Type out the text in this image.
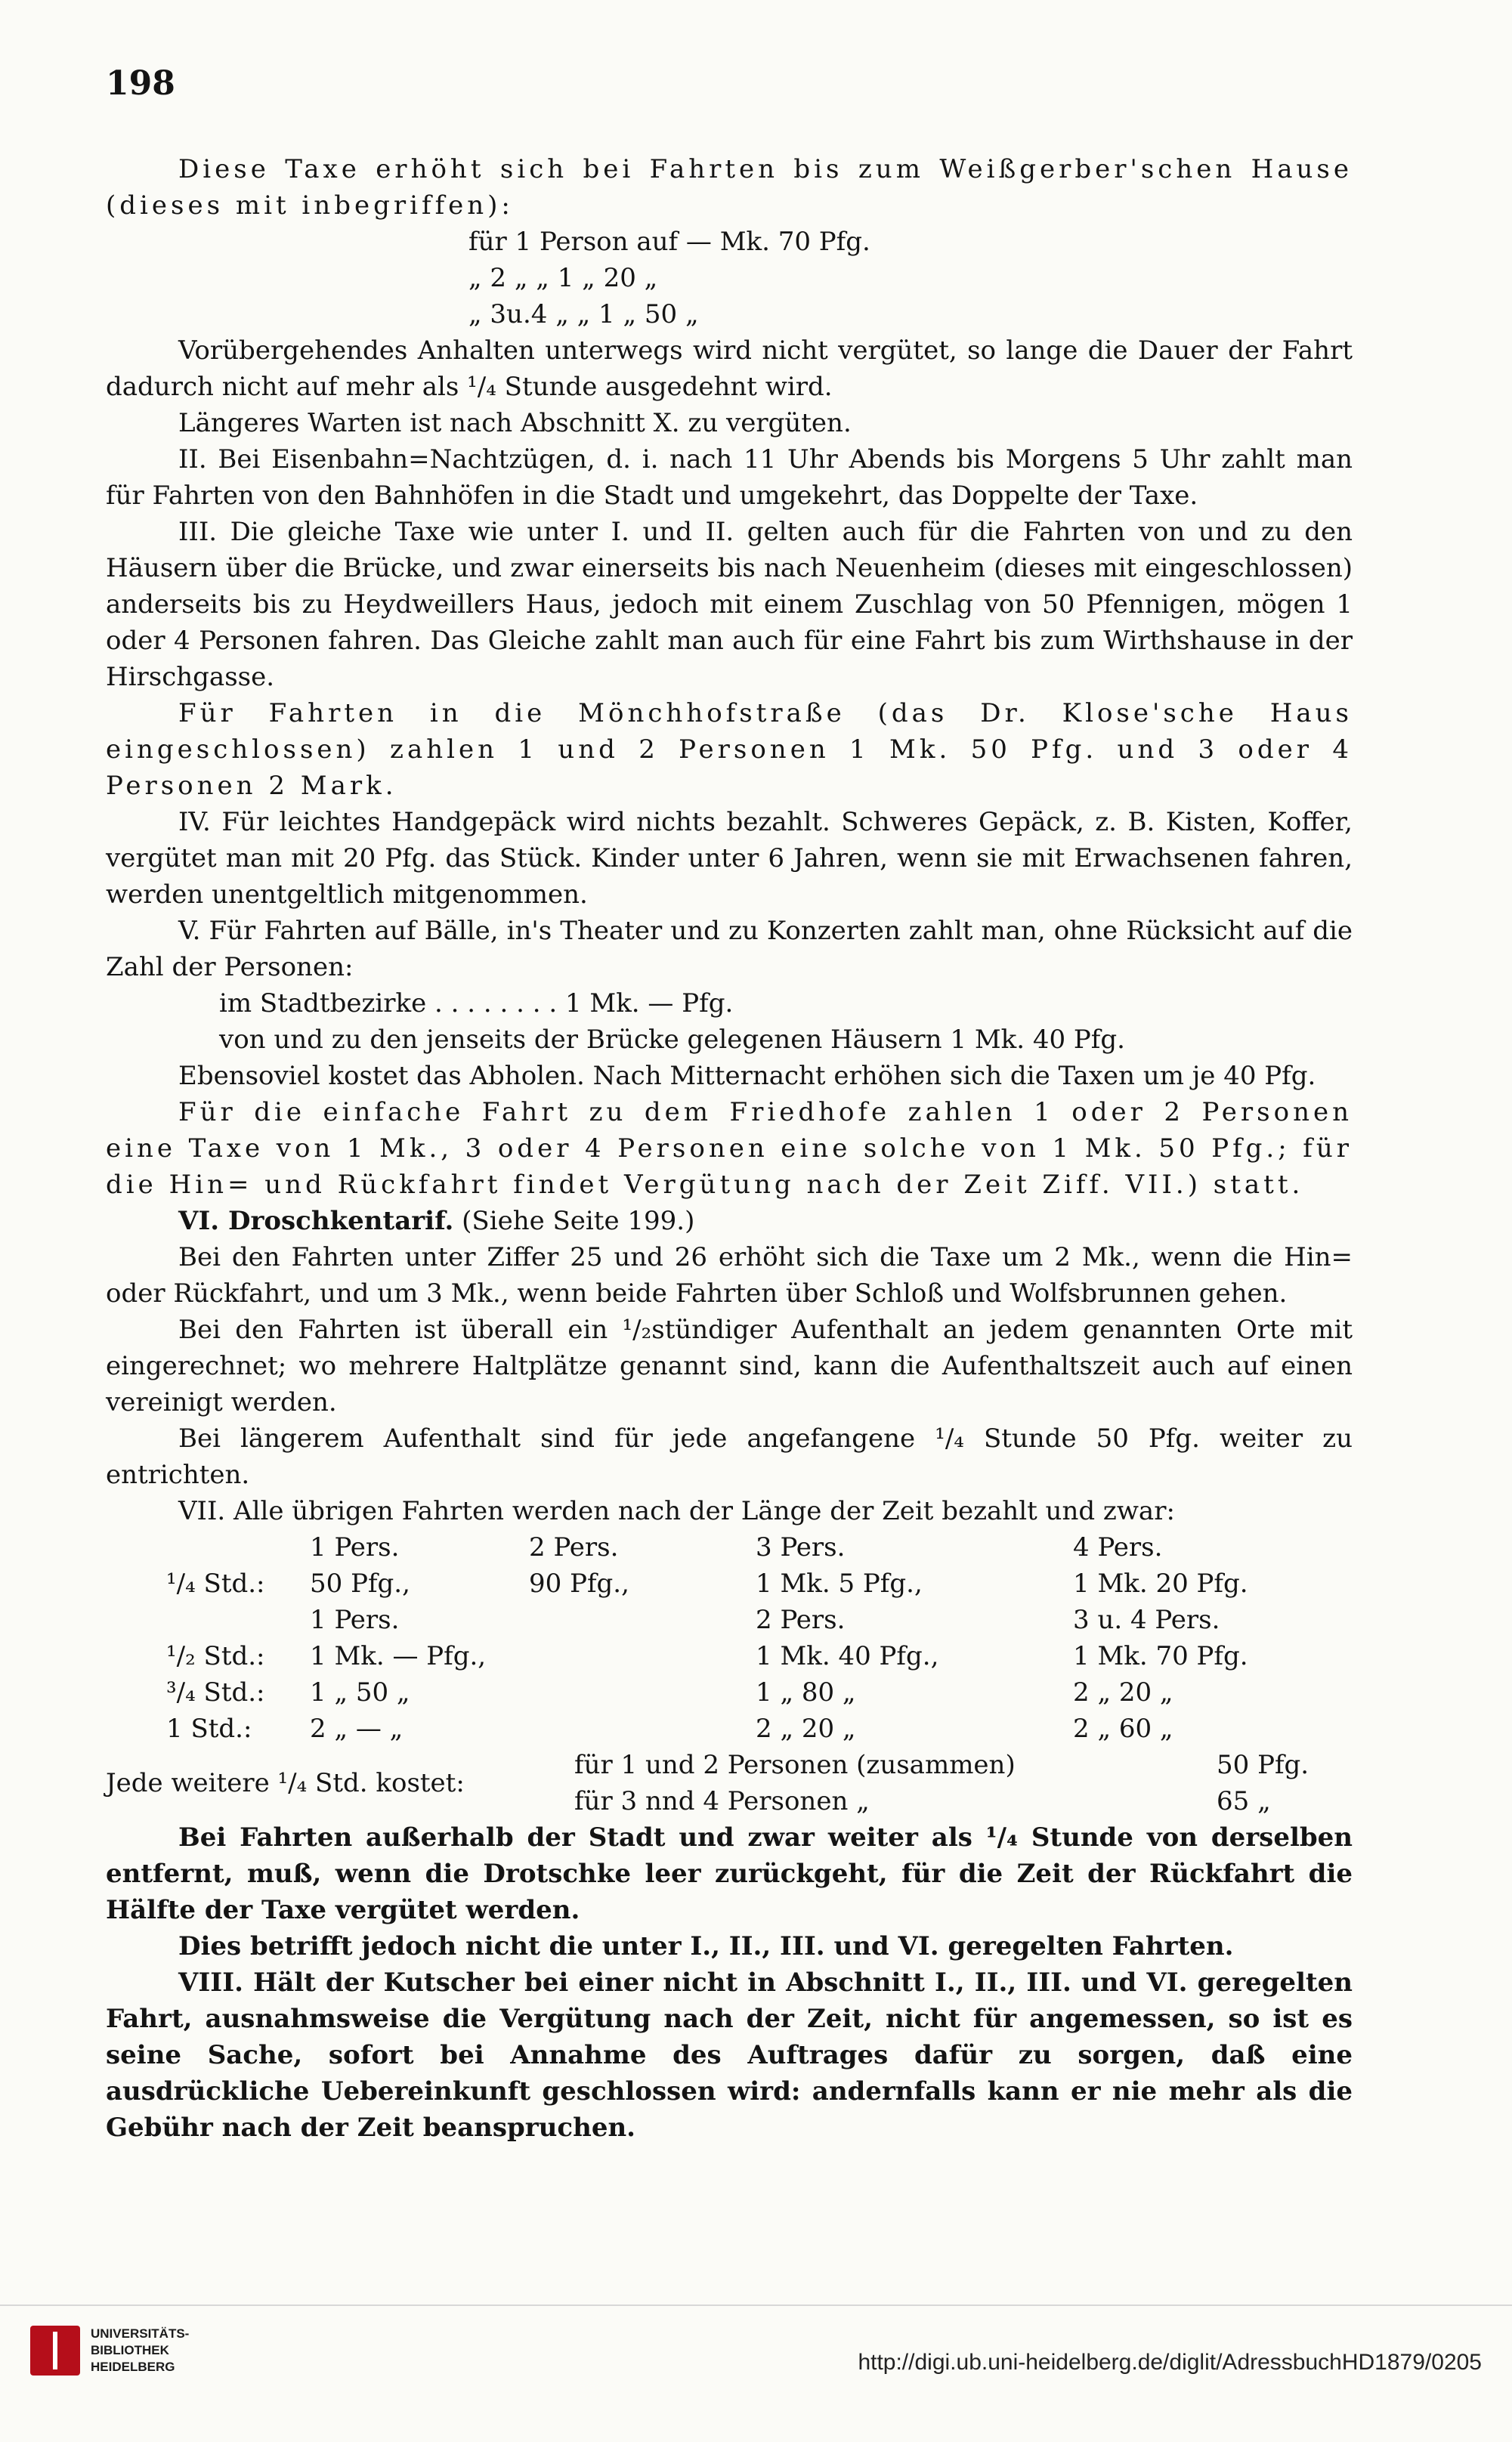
198

Diese Taxe erhöht sich bei Fahrten bis zum Weißgerber'schen Hause (dieses mit inbegriffen):

für 1 Person auf — Mk. 70 Pfg.
„ 2 „ „ 1 „ 20 „
„ 3u.4 „ „ 1 „ 50 „

Vorübergehendes Anhalten unterwegs wird nicht vergütet, so lange die Dauer der Fahrt dadurch nicht auf mehr als ¹/₄ Stunde ausgedehnt wird.

Längeres Warten ist nach Abschnitt X. zu vergüten.

II. Bei Eisenbahn=Nachtzügen, d. i. nach 11 Uhr Abends bis Morgens 5 Uhr zahlt man für Fahrten von den Bahnhöfen in die Stadt und umgekehrt, das Doppelte der Taxe.

III. Die gleiche Taxe wie unter I. und II. gelten auch für die Fahrten von und zu den Häusern über die Brücke, und zwar einerseits bis nach Neuenheim (dieses mit eingeschlossen) anderseits bis zu Heydweillers Haus, jedoch mit einem Zuschlag von 50 Pfennigen, mögen 1 oder 4 Personen fahren. Das Gleiche zahlt man auch für eine Fahrt bis zum Wirthshause in der Hirschgasse.

Für Fahrten in die Mönchhofstraße (das Dr. Klose'sche Haus eingeschlossen) zahlen 1 und 2 Personen 1 Mk. 50 Pfg. und 3 oder 4 Personen 2 Mark.

IV. Für leichtes Handgepäck wird nichts bezahlt. Schweres Gepäck, z. B. Kisten, Koffer, vergütet man mit 20 Pfg. das Stück. Kinder unter 6 Jahren, wenn sie mit Erwachsenen fahren, werden unentgeltlich mitgenommen.

V. Für Fahrten auf Bälle, in's Theater und zu Konzerten zahlt man, ohne Rücksicht auf die Zahl der Personen:

im Stadtbezirke . . . . . . . . 1 Mk. — Pfg.
von und zu den jenseits der Brücke gelegenen Häusern 1 Mk. 40 Pfg.

Ebensoviel kostet das Abholen. Nach Mitternacht erhöhen sich die Taxen um je 40 Pfg.

Für die einfache Fahrt zu dem Friedhofe zahlen 1 oder 2 Personen eine Taxe von 1 Mk., 3 oder 4 Personen eine solche von 1 Mk. 50 Pfg.; für die Hin= und Rückfahrt findet Vergütung nach der Zeit Ziff. VII.) statt.

VI. Droschkentarif. (Siehe Seite 199.)

Bei den Fahrten unter Ziffer 25 und 26 erhöht sich die Taxe um 2 Mk., wenn die Hin= oder Rückfahrt, und um 3 Mk., wenn beide Fahrten über Schloß und Wolfsbrunnen gehen.

Bei den Fahrten ist überall ein ¹/₂stündiger Aufenthalt an jedem genannten Orte mit eingerechnet; wo mehrere Haltplätze genannt sind, kann die Aufenthaltszeit auch auf einen vereinigt werden.

Bei längerem Aufenthalt sind für jede angefangene ¹/₄ Stunde 50 Pfg. weiter zu entrichten.

VII. Alle übrigen Fahrten werden nach der Länge der Zeit bezahlt und zwar:

	1 Pers.	2 Pers.	3 Pers.	4 Pers.
¹/₄ Std.:	50 Pfg.,	90 Pfg.,	1 Mk. 5 Pfg.,	1 Mk. 20 Pfg.
	1 Pers.		2 Pers.	3 u. 4 Pers.
¹/₂ Std.:	1 Mk. — Pfg.,		1 Mk. 40 Pfg.,	1 Mk. 70 Pfg.
³/₄ Std.:	1 „ 50 „		1 „ 80 „	2 „ 20 „
1 Std.:	2 „ — „		2 „ 20 „	2 „ 60 „
Jede weitere ¹/₄ Std. kostet:	für 1 und 2 Personen (zusammen)	50 Pfg.
	für 3 nnd 4 Personen „	65 „

Bei Fahrten außerhalb der Stadt und zwar weiter als ¹/₄ Stunde von derselben entfernt, muß, wenn die Drotschke leer zurückgeht, für die Zeit der Rückfahrt die Hälfte der Taxe vergütet werden.

Dies betrifft jedoch nicht die unter I., II., III. und VI. geregelten Fahrten.

VIII. Hält der Kutscher bei einer nicht in Abschnitt I., II., III. und VI. geregelten Fahrt, ausnahmsweise die Vergütung nach der Zeit, nicht für angemessen, so ist es seine Sache, sofort bei Annahme des Auftrages dafür zu sorgen, daß eine ausdrückliche Uebereinkunft geschlossen wird: andernfalls kann er nie mehr als die Gebühr nach der Zeit beanspruchen.

UNIVERSITÄTS-
BIBLIOTHEK
HEIDELBERG	http://digi.ub.uni-heidelberg.de/diglit/AdressbuchHD1879/0205
